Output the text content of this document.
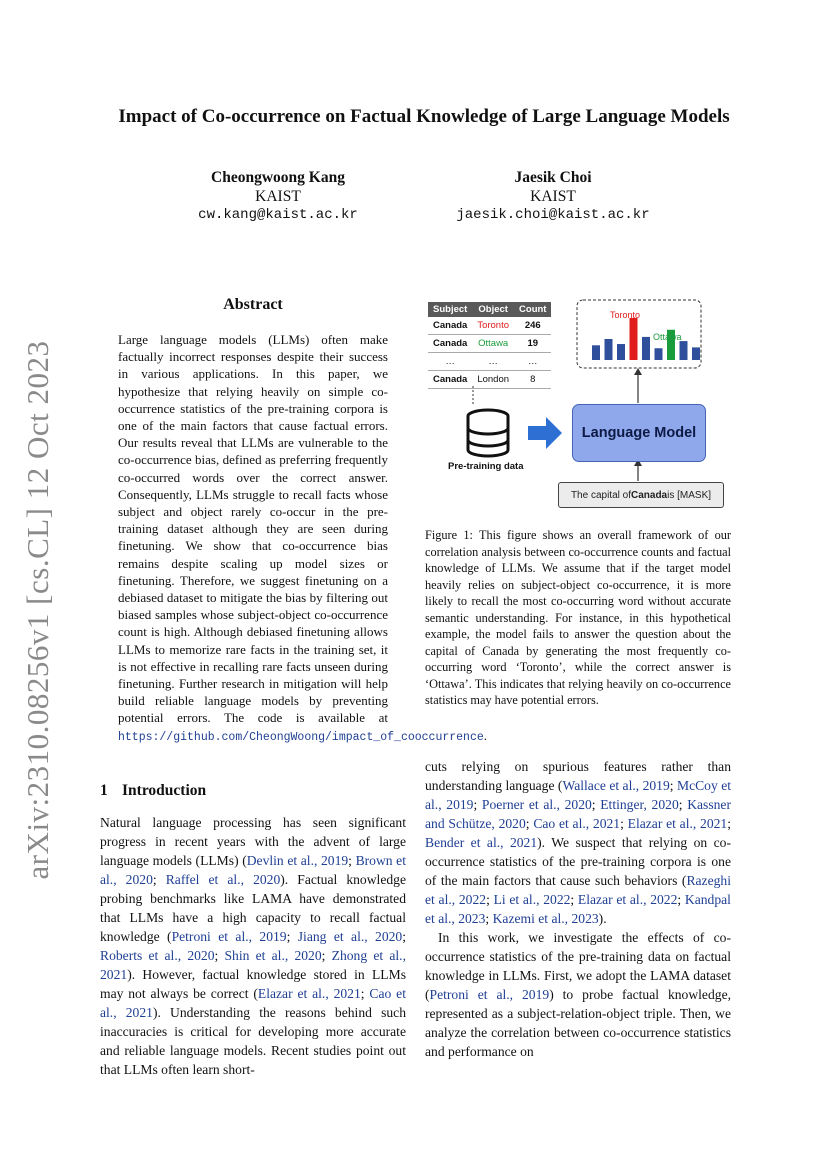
arXiv:2310.08256v1 [cs.CL] 12 Oct 2023
Impact of Co-occurrence on Factual Knowledge of Large Language Models
Cheongwoong Kang
KAIST
cw.kang@kaist.ac.kr
Jaesik Choi
KAIST
jaesik.choi@kaist.ac.kr
Abstract
Large language models (LLMs) often make factually incorrect responses despite their success in various applications. In this paper, we hypothesize that relying heavily on simple co-occurrence statistics of the pre-training corpora is one of the main factors that cause factual errors. Our results reveal that LLMs are vulnerable to the co-occurrence bias, defined as preferring frequently co-occurred words over the correct answer. Consequently, LLMs struggle to recall facts whose subject and object rarely co-occur in the pre-training dataset although they are seen during finetuning. We show that co-occurrence bias remains despite scaling up model sizes or finetuning. Therefore, we suggest finetuning on a debiased dataset to mitigate the bias by filtering out biased samples whose subject-object co-occurrence count is high. Although debiased finetuning allows LLMs to memorize rare facts in the training set, it is not effective in recalling rare facts unseen during finetuning. Further research in mitigation will help build reliable language models by preventing potential errors. The code is available at https://github.com/CheongWoong/impact_of_cooccurrence.
1 Introduction

Natural language processing has seen significant progress in recent years with the advent of large language models (LLMs) (Devlin et al., 2019; Brown et al., 2020; Raffel et al., 2020). Factual knowledge probing benchmarks like LAMA have demonstrated that LLMs have a high capacity to recall factual knowledge (Petroni et al., 2019; Jiang et al., 2020; Roberts et al., 2020; Shin et al., 2020; Zhong et al., 2021). However, factual knowledge stored in LLMs may not always be correct (Elazar et al., 2021; Cao et al., 2021). Understanding the reasons behind such inaccuracies is critical for developing more accurate and reliable language models. Recent studies point out that LLMs often learn short-

Subject	Object	Count
Canada	Toronto	246
Canada	Ottawa	19
…	…	…
Canada	London	8
Toronto
Ottawa
Pre-training data
Language Model
The capital of Canada is [MASK]
Figure 1: This figure shows an overall framework of our correlation analysis between co-occurrence counts and factual knowledge of LLMs. We assume that if the target model heavily relies on subject-object co-occurrence, it is more likely to recall the most co-occurring word without accurate semantic understanding. For instance, in this hypothetical example, the model fails to answer the question about the capital of Canada by generating the most frequently co-occurring word ‘Toronto’, while the correct answer is ‘Ottawa’. This indicates that relying heavily on co-occurrence statistics may have potential errors.

cuts relying on spurious features rather than understanding language (Wallace et al., 2019; McCoy et al., 2019; Poerner et al., 2020; Ettinger, 2020; Kassner and Schütze, 2020; Cao et al., 2021; Elazar et al., 2021; Bender et al., 2021). We suspect that relying on co-occurrence statistics of the pre-training corpora is one of the main factors that cause such behaviors (Razeghi et al., 2022; Li et al., 2022; Elazar et al., 2022; Kandpal et al., 2023; Kazemi et al., 2023).

In this work, we investigate the effects of co-occurrence statistics of the pre-training data on factual knowledge in LLMs. First, we adopt the LAMA dataset (Petroni et al., 2019) to probe factual knowledge, represented as a subject-relation-object triple. Then, we analyze the correlation between co-occurrence statistics and performance on
